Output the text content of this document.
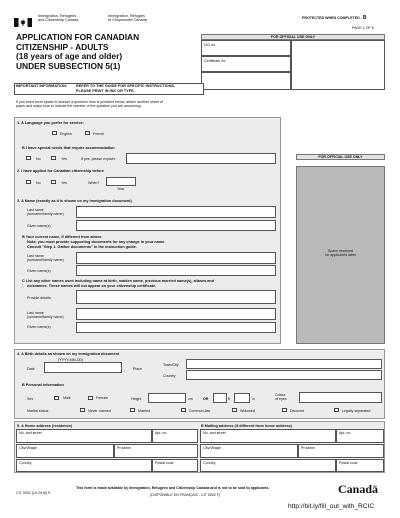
Immigration, Refugees
and Citizenship Canada
Immigration, Réfugiés
et Citoyenneté Canada
PROTECTED WHEN COMPLETED - B
PAGE 1 OF 8
APPLICATION FOR CANADIAN
CITIZENSHIP - ADULTS
(18 years of age and older)
UNDER SUBSECTION 5(1)
FOR OFFICIAL USE ONLY
UCI no.
Certificate no.
IMPORTANT INFORMATION: REFER TO THE GUIDE FOR SPECIFIC INSTRUCTIONS.
PLEASE PRINT IN INK OR TYPE.
If you need more space to answer a question than is provided below, attach another sheet of
paper and make sure to include the number of the question you are answering.
FOR OFFICIAL USE ONLY
Space reserved
for applicant's label
1. A Language you prefer for service:
English	French
B I have special needs that require accommodation
No	Yes	If yes, please explain:
2. I have applied for Canadian citizenship before
No	Yes	When?
Year
3. A Name (exactly as it is shown on my immigration document)
Last name
(surname/family name)
Given name(s)
B Your current name, if different from above.
Note: you must provide supporting documents for any change in your name.
Consult "Step 1. Gather documents" in the instruction guide.
Last name
(surname/family name)
Given name(s)
C List any other names used including name at birth, maiden name, previous married name(s), aliases and
nicknames. These names will not appear on your citizenship certificate.
Provide details:
Last name
(surname/family name)
Given name(s)
4. A Birth details as shown on my immigration document
(YYYY-MM-DD)
Date	Place
Town/City
Country
B Personal information
Sex	Male	Female	Height	cm	OR	ft	in
Colour
of eyes
Marital status	Never married	Married	Common-law	Widowed	Divorced	Legally separated
5. A Home address (residence)	B Mailing address (if different from home address)
No. and street	Apt. no.
City/Village	Province
Country	Postal code
No. and street	Apt. no.
City/Village	Province
Country	Postal code
CIT 0002 (10-2016) E
This form is made available by Immigration, Refugees and Citizenship Canada and is not to be sold to applicants.
(DISPONIBLE EN FRANÇAIS - CIT 0002 F)	Canadä
http://bit.ly/fill_out_with_RCIC
